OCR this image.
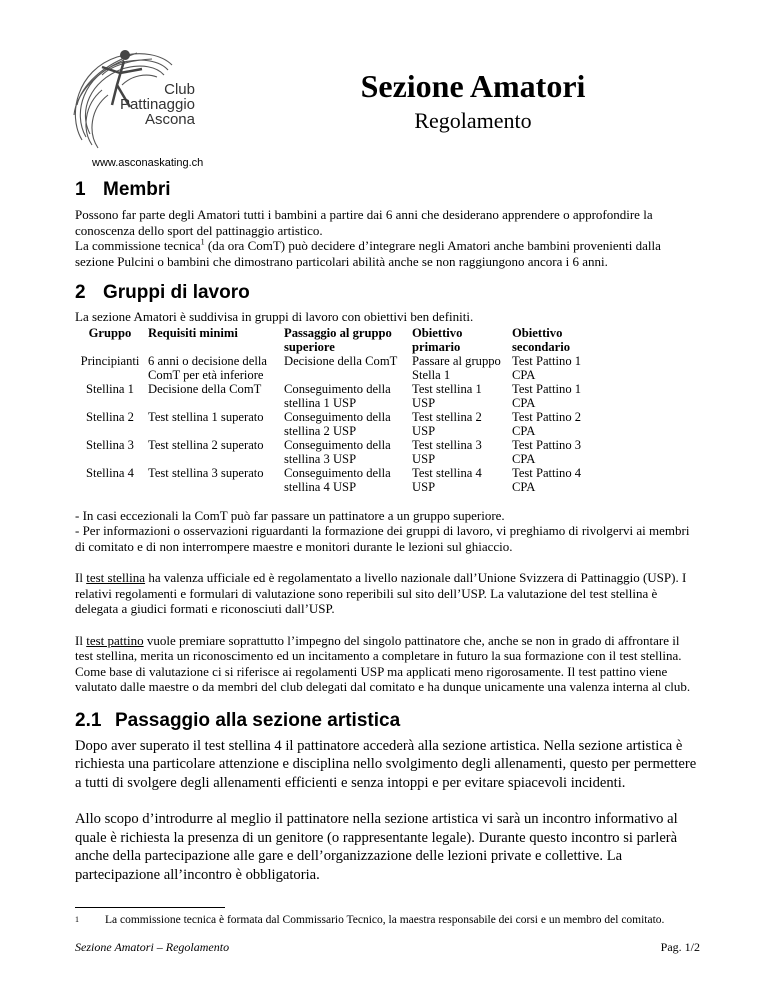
Club
Pattinaggio
Ascona
www.asconaskating.ch
Sezione Amatori
Regolamento
1 Membri

Possono far parte degli Amatori tutti i bambini a partire dai 6 anni che desiderano apprendere o approfondire la conoscenza dello sport del pattinaggio artistico.

La commissione tecnica$^1$ (da ora ComT) può decidere d’integrare negli Amatori anche bambini provenienti dalla sezione Pulcini o bambini che dimostrano particolari abilità anche se non raggiungono ancora i 6 anni.

2 Gruppi di lavoro

La sezione Amatori è suddivisa in gruppi di lavoro con obiettivi ben definiti.

Gruppo	Requisiti minimi	Passaggio al gruppo superiore	Obiettivo primario	Obiettivo secondario
Principianti	6 anni o decisione della ComT per età inferiore	Decisione della ComT	Passare al gruppo Stella 1	Test Pattino 1 CPA
Stellina 1	Decisione della ComT	Conseguimento della stellina 1 USP	Test stellina 1 USP	Test Pattino 1 CPA
Stellina 2	Test stellina 1 superato	Conseguimento della stellina 2 USP	Test stellina 2 USP	Test Pattino 2 CPA
Stellina 3	Test stellina 2 superato	Conseguimento della stellina 3 USP	Test stellina 3 USP	Test Pattino 3 CPA
Stellina 4	Test stellina 3 superato	Conseguimento della stellina 4 USP	Test stellina 4 USP	Test Pattino 4 CPA

- In casi eccezionali la ComT può far passare un pattinatore a un gruppo superiore.

- Per informazioni o osservazioni riguardanti la formazione dei gruppi di lavoro, vi preghiamo di rivolgervi ai membri di comitato e di non interrompere maestre e monitori durante le lezioni sul ghiaccio.

Il test stellina ha valenza ufficiale ed è regolamentato a livello nazionale dall’Unione Svizzera di Pattinaggio (USP). I relativi regolamenti e formulari di valutazione sono reperibili sul sito dell’USP. La valutazione del test stellina è delegata a giudici formati e riconosciuti dall’USP.

Il test pattino vuole premiare soprattutto l’impegno del singolo pattinatore che, anche se non in grado di affrontare il test stellina, merita un riconoscimento ed un incitamento a completare in futuro la sua formazione con il test stellina. Come base di valutazione ci si riferisce ai regolamenti USP ma applicati meno rigorosamente. Il test pattino viene valutato dalle maestre o da membri del club delegati dal comitato e ha dunque unicamente una valenza interna al club.

2.1 Passaggio alla sezione artistica

Dopo aver superato il test stellina 4 il pattinatore accederà alla sezione artistica. Nella sezione artistica è richiesta una particolare attenzione e disciplina nello svolgimento degli allenamenti, questo per permettere a tutti di svolgere degli allenamenti efficienti e senza intoppi e per evitare spiacevoli incidenti.

Allo scopo d’introdurre al meglio il pattinatore nella sezione artistica vi sarà un incontro informativo al quale è richiesta la presenza di un genitore (o rappresentante legale). Durante questo incontro si parlerà anche della partecipazione alle gare e dell’organizzazione delle lezioni private e collettive. La partecipazione all’incontro è obbligatoria.

1 La commissione tecnica è formata dal Commissario Tecnico, la maestra responsabile dei corsi e un membro del comitato.
Sezione Amatori – Regolamento	Pag. 1/2
